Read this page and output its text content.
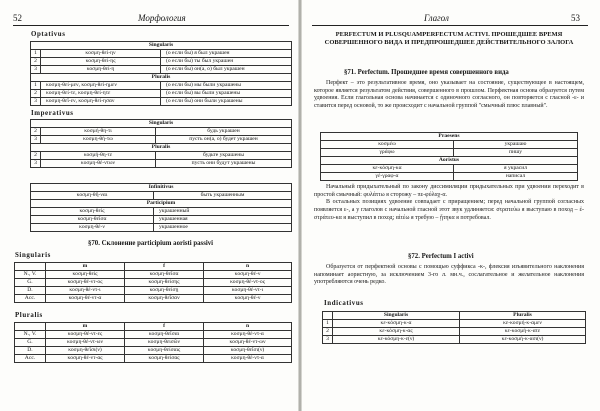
52	Морфология
Optativus
Singularis		
1	κοσμη-θεί-ην	(о если бы) я был украшен
2	κοσμη-θεί-ης	(о если бы) ты был украшен
3	κοσμη-θεί-η	(о если бы) он(а, о) был украшен
Pluralis		
1	κοσμη-θεί-μεν, κοσμη-θεί-ημεν	(о если бы) мы были украшены
2	κοσμη-θεί-τε, κοσμη-θεί-ητε	(о если бы) вы были украшены
3	κοσμη-θεῖ-εν, κοσμη-θεί-ησαν	(о если бы) они были украшены
Imperativus
Singularis		
2	κοσμή-θη-τι	будь украшен
3	κοσμη-θή-τω	пусть он(а, о) будет украшен
Pluralis		
2	κοσμή-θη-τε	будьте украшены
3	κοσμη-θέ-ντων	пусть они будут украшены
Infinitivus	
κοσμη-θῆ-ναι	быть украшенным
Participium	
κοσμη-θείς	украшенный
κοσμη-θεῖσα	украшенная
κοσμη-θέ-ν	украшенное
§70. Склонение participium aoristi passivi
Singularis
	m	f	n
N., V.	κοσμη-θείς	κοσμη-θεῖσα	κοσμη-θέ-ν
G.	κοσμη-θέ-ντ-ος	κοσμη-θείσης	κοσμη-θέ-ντ-ος
D.	κοσμη-θέ-ντ-ι	κοσμη-θείσῃ	κοσμη-θέ-ντ-ι
Acc.	κοσμη-θέ-ντ-α	κοσμη-θεῖσαν	κοσμη-θέ-ν
Pluralis
	m	f	n
N., V.	κοσμη-θέ-ντ-ες	κοσμη-θεῖσαι	κοσμη-θέ-ντ-α
G.	κοσμη-θέ-ντ-ων	κοσμη-θεισῶν	κοσμη-θέ-ντ-ων
D.	κοσμη-θεῖσι(ν)	κοσμη-θείσαις	κοσμη-θεῖσι(ν)
Acc.	κοσμη-θέ-ντ-ας	κοσμη-θείσας	κοσμη-θέ-ντ-α
Глагол	53
PERFECTUM И PLUSQUAMPERFECTUM ACTIVI. ПРОШЕДШЕЕ ВРЕМЯ СОВЕРШЕННОГО ВИДА И ПРЕДПРОШЕДШЕЕ ДЕЙСТВИТЕЛЬНОГО ЗАЛОГА
§71. Perfectum. Прошедшее время совершенного вида

Перфект – это результативное время, оно указывает на состояние, существующее в настоящем, которое является результатом действия, совершенного в прошлом. Перфектная основа образуется путем удвоения. Если глагольная основа начинается с одиночного согласного, он повторяется с гласной -ε- и ставится перед основой, то же происходит с начальной группой "смычный плюс плавный".

Praesens	
κοσμέω	украшаю
γράφω	пишу
Aoristus	
κε-κόσμη-κα	я украсил
γέ-γραφ-α	написал

Начальный придыхательный по закону диссимиляции придыхательных при удвоении переходит в простой смычный: φυλάττω я сторожу – πε-φύλαχ-α.

В остальных позициях удвоение совпадает с приращением; перед начальной группой согласных появляется ε-, а у глаголов с начальной гласной этот звук удлиняется: στρατεύω я выступаю в поход – ἐ-στράτευ-κα я выступил в поход; αἰτέω я требую – ᾔτηκα я потребовал.

§72. Perfectum I activi

Образуется от перфектной основы с помощью суффикса -κ-, флексия изъявительного наклонения напоминает аористную, за исключением 3-го л. мн.ч., сослагательное и желательное наклонения употребляются очень редко.

Indicativus
	Singularis	Pluralis
1	κε-κόσμη-κ-α	κε-κοσμή-κ-αμεν
2	κε-κόσμη-κ-ας	κε-κοσμή-κ-ατε
3	κε-κόσμη-κ-ε(ν)	κε-κοσμή-κ-ασι(ν)
